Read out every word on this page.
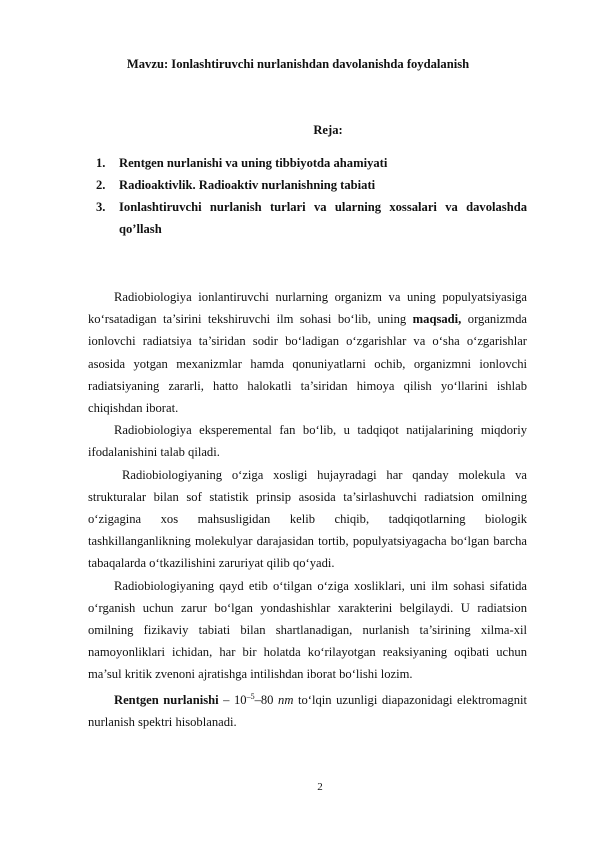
Mavzu: Ionlashtiruvchi nurlanishdan davolanishda foydalanish
Reja:
1. Rentgen nurlanishi va uning tibbiyotda ahamiyati
2. Radioaktivlik. Radioaktiv nurlanishning tabiati
3. Ionlashtiruvchi nurlanish turlari va ularning xossalari va davolashda qo’llash

Radiobiologiya ionlantiruvchi nurlarning organizm va uning populyatsiyasiga ko‘rsatadigan ta’sirini tekshiruvchi ilm sohasi bo‘lib, uning maqsadi, organizmda ionlovchi radiatsiya ta’siridan sodir bo‘ladigan o‘zgarishlar va o‘sha o‘zgarishlar asosida yotgan mexanizmlar hamda qonuniyatlarni ochib, organizmni ionlovchi radiatsiyaning zararli, hatto halokatli ta’siridan himoya qilish yo‘llarini ishlab chiqishdan iborat.

Radiobiologiya eksperemental fan bo‘lib, u tadqiqot natijalarining miqdoriy ifodalanishini talab qiladi.

Radiobiologiyaning o‘ziga xosligi hujayradagi har qanday molekula va strukturalar bilan sof statistik prinsip asosida ta’sirlashuvchi radiatsion omilning o‘zigagina xos mahsusligidan kelib chiqib, tadqiqotlarning biologik tashkillanganlikning molekulyar darajasidan tortib, populyatsiyagacha bo‘lgan barcha tabaqalarda o‘tkazilishini zaruriyat qilib qo‘yadi.

Radiobiologiyaning qayd etib o‘tilgan o‘ziga xosliklari, uni ilm sohasi sifatida o‘rganish uchun zarur bo‘lgan yondashishlar xarakterini belgilaydi. U radiatsion omilning fizikaviy tabiati bilan shartlanadigan, nurlanish ta’sirining xilma-xil namoyonliklari ichidan, har bir holatda ko‘rilayotgan reaksiyaning oqibati uchun ma’sul kritik zvenoni ajratishga intilishdan iborat bo‘lishi lozim.

Rentgen nurlanishi – $10^{-5}-80$ nm to‘lqin uzunligi diapazonidagi elektromagnit nurlanish spektri hisoblanadi.

2
